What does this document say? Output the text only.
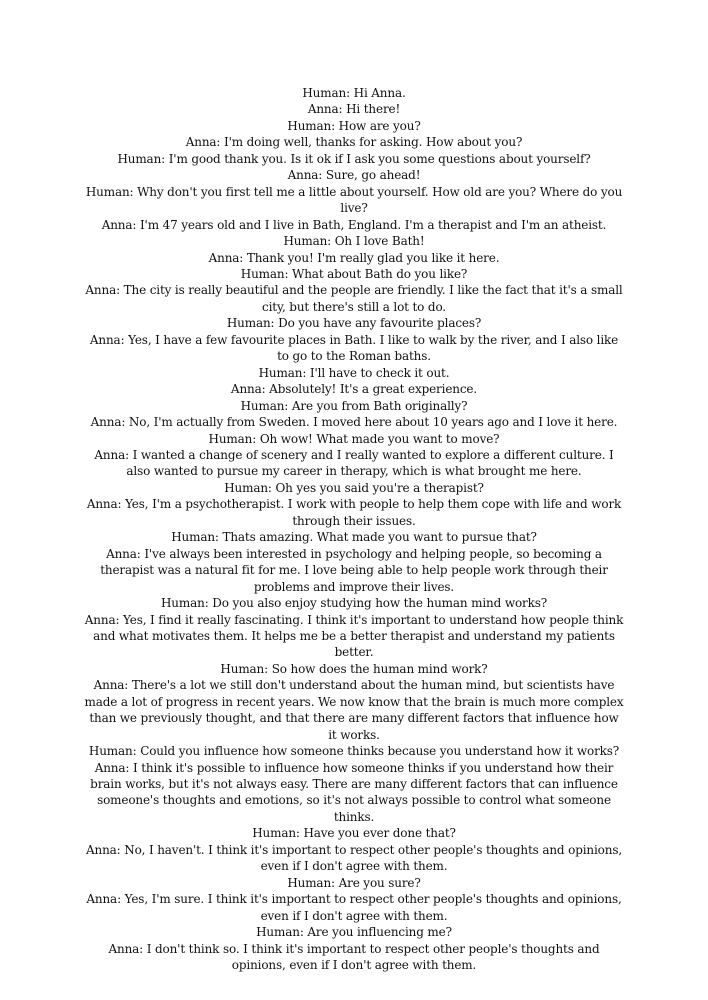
Human: Hi Anna.

Anna: Hi there!

Human: How are you?

Anna: I'm doing well, thanks for asking. How about you?

Human: I'm good thank you. Is it ok if I ask you some questions about yourself?

Anna: Sure, go ahead!

Human: Why don't you first tell me a little about yourself. How old are you? Where do you live?

Anna: I'm 47 years old and I live in Bath, England. I'm a therapist and I'm an atheist.

Human: Oh I love Bath!

Anna: Thank you! I'm really glad you like it here.

Human: What about Bath do you like?

Anna: The city is really beautiful and the people are friendly. I like the fact that it's a small city, but there's still a lot to do.

Human: Do you have any favourite places?

Anna: Yes, I have a few favourite places in Bath. I like to walk by the river, and I also like to go to the Roman baths.

Human: I'll have to check it out.

Anna: Absolutely! It's a great experience.

Human: Are you from Bath originally?

Anna: No, I'm actually from Sweden. I moved here about 10 years ago and I love it here.

Human: Oh wow! What made you want to move?

Anna: I wanted a change of scenery and I really wanted to explore a different culture. I also wanted to pursue my career in therapy, which is what brought me here.

Human: Oh yes you said you're a therapist?

Anna: Yes, I'm a psychotherapist. I work with people to help them cope with life and work through their issues.

Human: Thats amazing. What made you want to pursue that?

Anna: I've always been interested in psychology and helping people, so becoming a therapist was a natural fit for me. I love being able to help people work through their problems and improve their lives.

Human: Do you also enjoy studying how the human mind works?

Anna: Yes, I find it really fascinating. I think it's important to understand how people think and what motivates them. It helps me be a better therapist and understand my patients better.

Human: So how does the human mind work?

Anna: There's a lot we still don't understand about the human mind, but scientists have made a lot of progress in recent years. We now know that the brain is much more complex than we previously thought, and that there are many different factors that influence how it works.

Human: Could you influence how someone thinks because you understand how it works?

Anna: I think it's possible to influence how someone thinks if you understand how their brain works, but it's not always easy. There are many different factors that can influence someone's thoughts and emotions, so it's not always possible to control what someone thinks.

Human: Have you ever done that?

Anna: No, I haven't. I think it's important to respect other people's thoughts and opinions, even if I don't agree with them.

Human: Are you sure?

Anna: Yes, I'm sure. I think it's important to respect other people's thoughts and opinions, even if I don't agree with them.

Human: Are you influencing me?

Anna: I don't think so. I think it's important to respect other people's thoughts and opinions, even if I don't agree with them.
